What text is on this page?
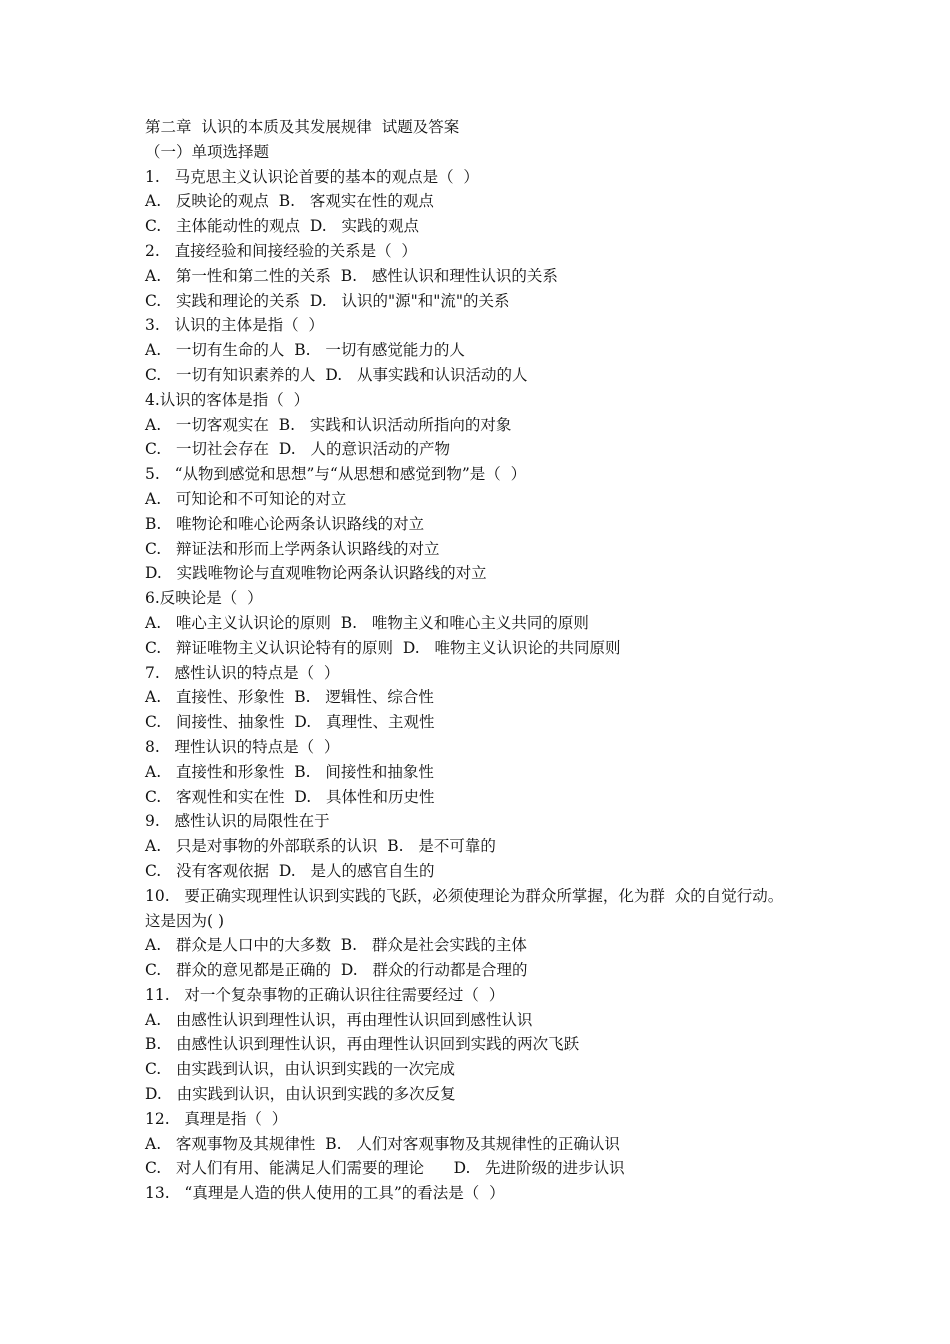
第二章  认识的本质及其发展规律  试题及答案
（一）单项选择题
1.   马克思主义认识论首要的基本的观点是（  ）
A.   反映论的观点  B.   客观实在性的观点
C.   主体能动性的观点  D.   实践的观点
2.   直接经验和间接经验的关系是（  ）
A.   第一性和第二性的关系  B.   感性认识和理性认识的关系
C.   实践和理论的关系  D.   认识的"源"和"流"的关系
3.   认识的主体是指（  ）
A.   一切有生命的人  B.   一切有感觉能力的人
C.   一切有知识素养的人  D.   从事实践和认识活动的人
4.认识的客体是指（  ）
A.   一切客观实在  B.   实践和认识活动所指向的对象
C.   一切社会存在  D.   人的意识活动的产物
5.   “从物到感觉和思想”与“从思想和感觉到物”是（  ）
A.   可知论和不可知论的对立
B.   唯物论和唯心论两条认识路线的对立
C.   辩证法和形而上学两条认识路线的对立
D.   实践唯物论与直观唯物论两条认识路线的对立
6.反映论是（  ）
A.   唯心主义认识论的原则  B.   唯物主义和唯心主义共同的原则
C.   辩证唯物主义认识论特有的原则  D.   唯物主义认识论的共同原则
7.   感性认识的特点是（  ）
A.   直接性、形象性  B.   逻辑性、综合性
C.   间接性、抽象性  D.   真理性、主观性
8.   理性认识的特点是（  ）
A.   直接性和形象性  B.   间接性和抽象性
C.   客观性和实在性  D.   具体性和历史性
9.   感性认识的局限性在于
A.   只是对事物的外部联系的认识  B.   是不可靠的
C.   没有客观依据  D.   是人的感官自生的
10.   要正确实现理性认识到实践的飞跃，必须使理论为群众所掌握，化为群  众的自觉行动。
这是因为( )
A.   群众是人口中的大多数  B.   群众是社会实践的主体
C.   群众的意见都是正确的  D.   群众的行动都是合理的
11.   对一个复杂事物的正确认识往往需要经过（  ）
A.   由感性认识到理性认识，再由理性认识回到感性认识
B.   由感性认识到理性认识，再由理性认识回到实践的两次飞跃
C.   由实践到认识，由认识到实践的一次完成
D.   由实践到认识，由认识到实践的多次反复
12.   真理是指（  ）
A.   客观事物及其规律性  B.   人们对客观事物及其规律性的正确认识
C.   对人们有用、能满足人们需要的理论      D.   先进阶级的进步认识
13.   “真理是人造的供人使用的工具”的看法是（  ）
